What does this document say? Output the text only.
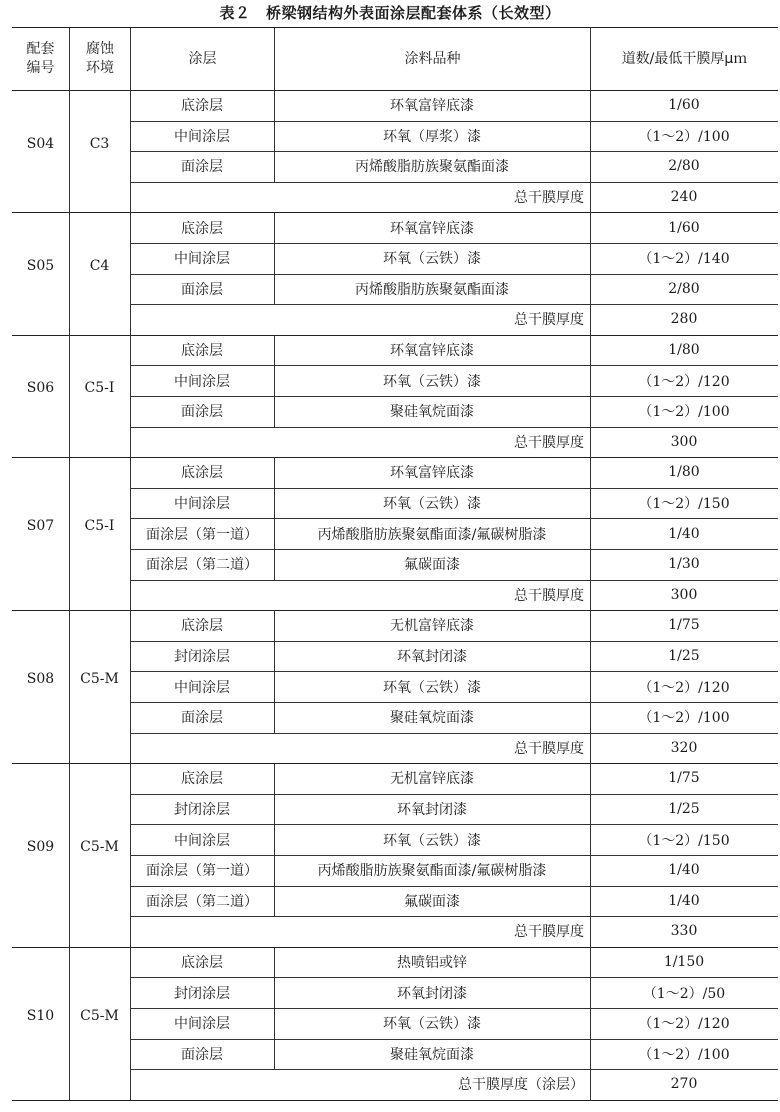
表２　桥梁钢结构外表面涂层配套体系（长效型）
配套
编号
腐蚀
环境
涂层	涂料品种	道数/最低干膜厚μｍ
S04	C3
底涂层	环氧富锌底漆	1/60
中间涂层	环氧（厚浆）漆	（1～2）/100
面涂层	丙烯酸脂肪族聚氨酯面漆	2/80
总干膜厚度	240
S05	C4
底涂层	环氧富锌底漆	1/60
中间涂层	环氧（云铁）漆	（1～2）/140
面涂层	丙烯酸脂肪族聚氨酯面漆	2/80
总干膜厚度	280
S06	C5-I
底涂层	环氧富锌底漆	1/80
中间涂层	环氧（云铁）漆	（1～2）/120
面涂层	聚硅氧烷面漆	（1～2）/100
总干膜厚度	300
S07	C5-I
底涂层	环氧富锌底漆	1/80
中间涂层	环氧（云铁）漆	（1～2）/150
面涂层（第一道）	丙烯酸脂肪族聚氨酯面漆/氟碳树脂漆	1/40
面涂层（第二道）	氟碳面漆	1/30
总干膜厚度	300
S08	C5-M
底涂层	无机富锌底漆	1/75
封闭涂层	环氧封闭漆	1/25
中间涂层	环氧（云铁）漆	（1～2）/120
面涂层	聚硅氧烷面漆	（1～2）/100
总干膜厚度	320
S09	C5-M
底涂层	无机富锌底漆	1/75
封闭涂层	环氧封闭漆	1/25
中间涂层	环氧（云铁）漆	（1～2）/150
面涂层（第一道）	丙烯酸脂肪族聚氨酯面漆/氟碳树脂漆	1/40
面涂层（第二道）	氟碳面漆	1/40
总干膜厚度	330
S10	C5-M
底涂层	热喷铝或锌	1/150
封闭涂层	环氧封闭漆	（1～2）/50
中间涂层	环氧（云铁）漆	（1～2）/120
面涂层	聚硅氧烷面漆	（1～2）/100
总干膜厚度（涂层）	270
